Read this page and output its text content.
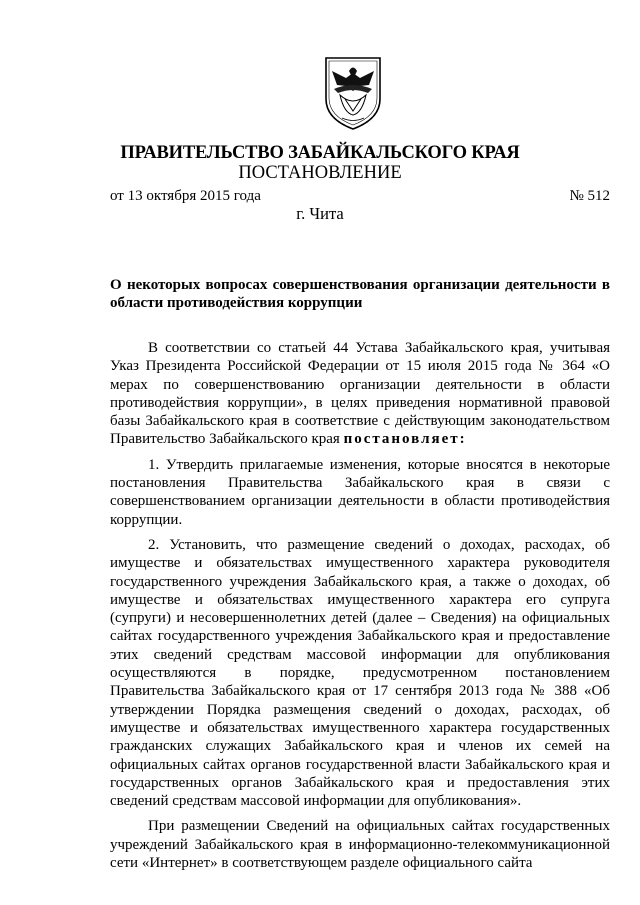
ПРАВИТЕЛЬСТВО ЗАБАЙКАЛЬСКОГО КРАЯ
ПОСТАНОВЛЕНИЕ
от 13 октября 2015 года	№ 512
г. Чита
О некоторых вопросах совершенствования организации деятельности в области противодействия коррупции

В соответствии со статьей 44 Устава Забайкальского края, учитывая Указ Президента Российской Федерации от 15 июля 2015 года № 364 «О мерах по совершенствованию организации деятельности в области противодействия коррупции», в целях приведения нормативной правовой базы Забайкальского края в соответствие с действующим законодательством Правительство Забайкальского края постановляет:

1. Утвердить прилагаемые изменения, которые вносятся в некоторые постановления Правительства Забайкальского края в связи с совершенствованием организации деятельности в области противодействия коррупции.

2. Установить, что размещение сведений о доходах, расходах, об имуществе и обязательствах имущественного характера руководителя государственного учреждения Забайкальского края, а также о доходах, об имуществе и обязательствах имущественного характера его супруга (супруги) и несовершеннолетних детей (далее – Сведения) на официальных сайтах государственного учреждения Забайкальского края и предоставление этих сведений средствам массовой информации для опубликования осуществляются в порядке, предусмотренном постановлением Правительства Забайкальского края от 17 сентября 2013 года № 388 «Об утверждении Порядка размещения сведений о доходах, расходах, об имуществе и обязательствах имущественного характера государственных гражданских служащих Забайкальского края и членов их семей на официальных сайтах органов государственной власти Забайкальского края и государственных органов Забайкальского края и предоставления этих сведений средствам массовой информации для опубликования».

При размещении Сведений на официальных сайтах государственных учреждений Забайкальского края в информационно-телекоммуникационной сети «Интернет» в соответствующем разделе официального сайта
